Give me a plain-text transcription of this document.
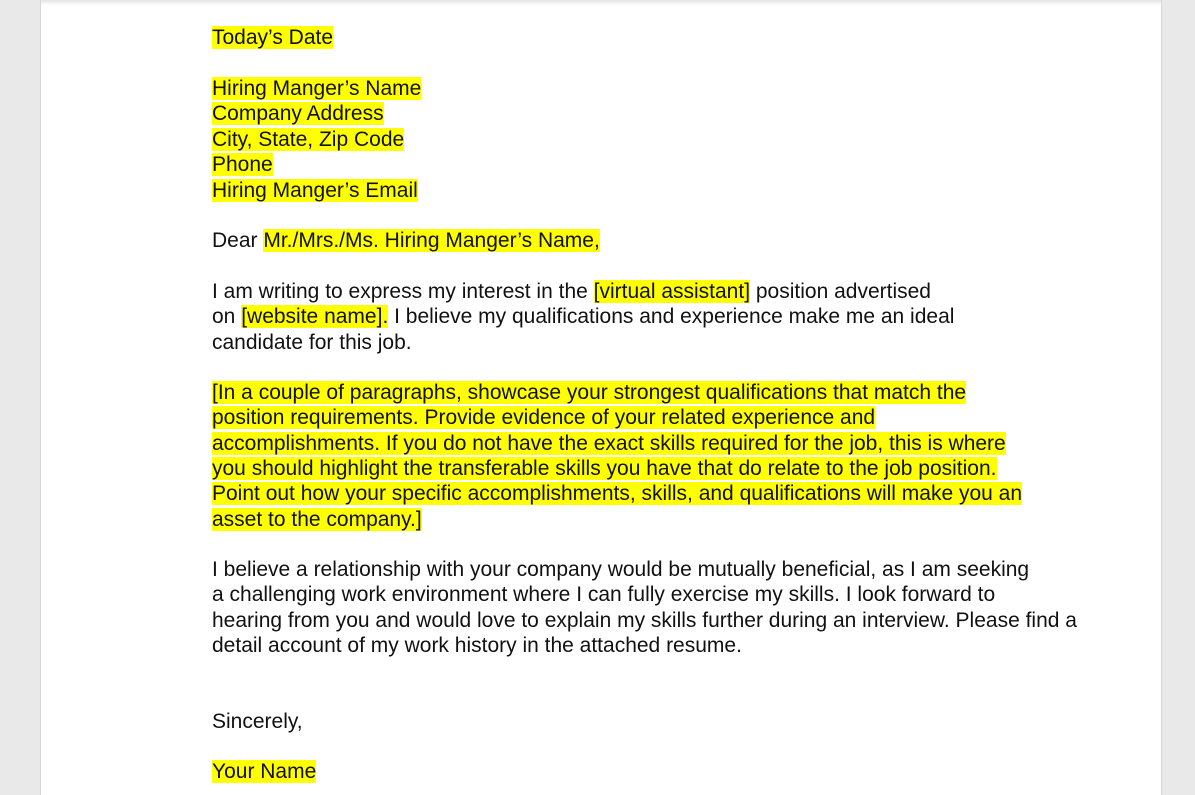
Today’s Date
Hiring Manger’s Name
Company Address
City, State, Zip Code
Phone
Hiring Manger’s Email
Dear Mr./Mrs./Ms. Hiring Manger’s Name,
I am writing to express my interest in the [virtual assistant] position advertised
on [website name]. I believe my qualifications and experience make me an ideal
candidate for this job.
[In a couple of paragraphs, showcase your strongest qualifications that match the
position requirements. Provide evidence of your related experience and
accomplishments. If you do not have the exact skills required for the job, this is where
you should highlight the transferable skills you have that do relate to the job position.
Point out how your specific accomplishments, skills, and qualifications will make you an
asset to the company.]
I believe a relationship with your company would be mutually beneficial, as I am seeking
a challenging work environment where I can fully exercise my skills. I look forward to
hearing from you and would love to explain my skills further during an interview. Please find a
detail account of my work history in the attached resume.
Sincerely,
Your Name
